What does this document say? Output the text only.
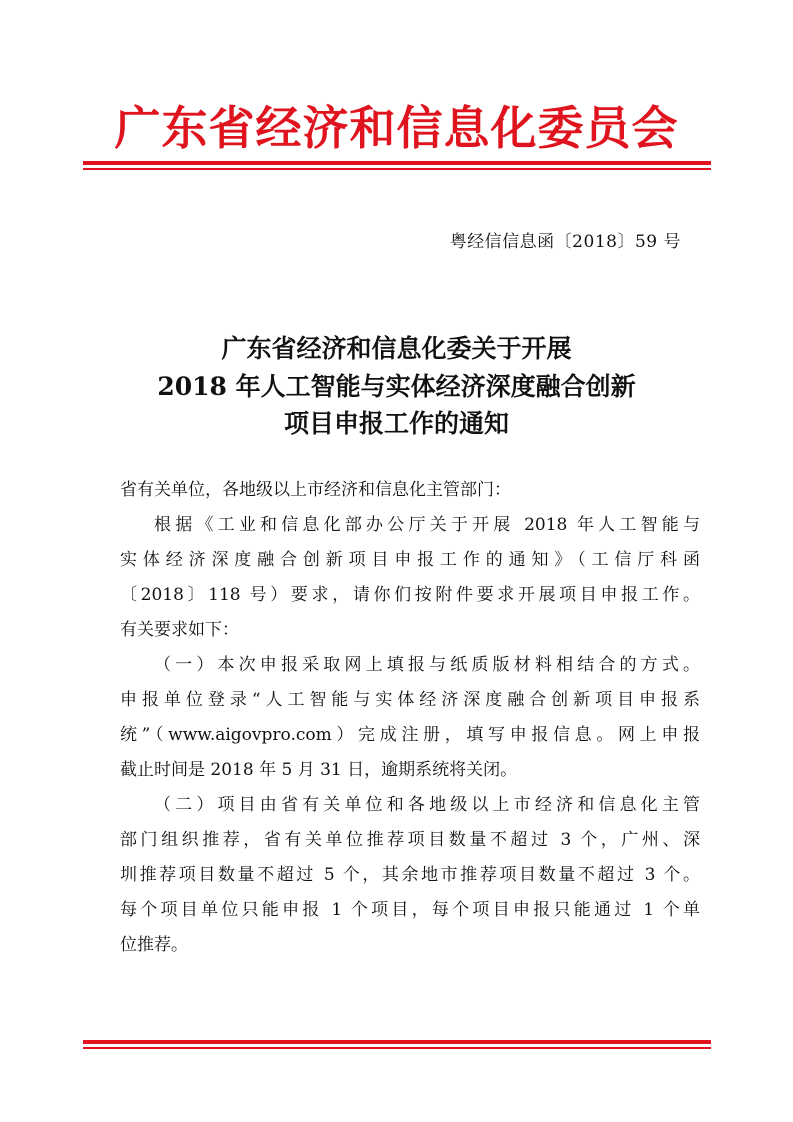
广东省经济和信息化委员会
粤经信信息函〔2018〕59 号
广东省经济和信息化委关于开展
2018 年人工智能与实体经济深度融合创新
项目申报工作的通知
省有关单位，各地级以上市经济和信息化主管部门：
根据《工业和信息化部办公厅关于开展 2018 年人工智能与
实体经济深度融合创新项目申报工作的通知》（工信厅科函
〔2018〕118 号）要求，请你们按附件要求开展项目申报工作。
有关要求如下：
（一）本次申报采取网上填报与纸质版材料相结合的方式。
申报单位登录“人工智能与实体经济深度融合创新项目申报系
统”（www.aigovpro.com）完成注册，填写申报信息。网上申报
截止时间是 2018 年 5 月 31 日，逾期系统将关闭。
（二）项目由省有关单位和各地级以上市经济和信息化主管
部门组织推荐，省有关单位推荐项目数量不超过 3 个，广州、深
圳推荐项目数量不超过 5 个，其余地市推荐项目数量不超过 3 个。
每个项目单位只能申报 1 个项目，每个项目申报只能通过 1 个单
位推荐。
